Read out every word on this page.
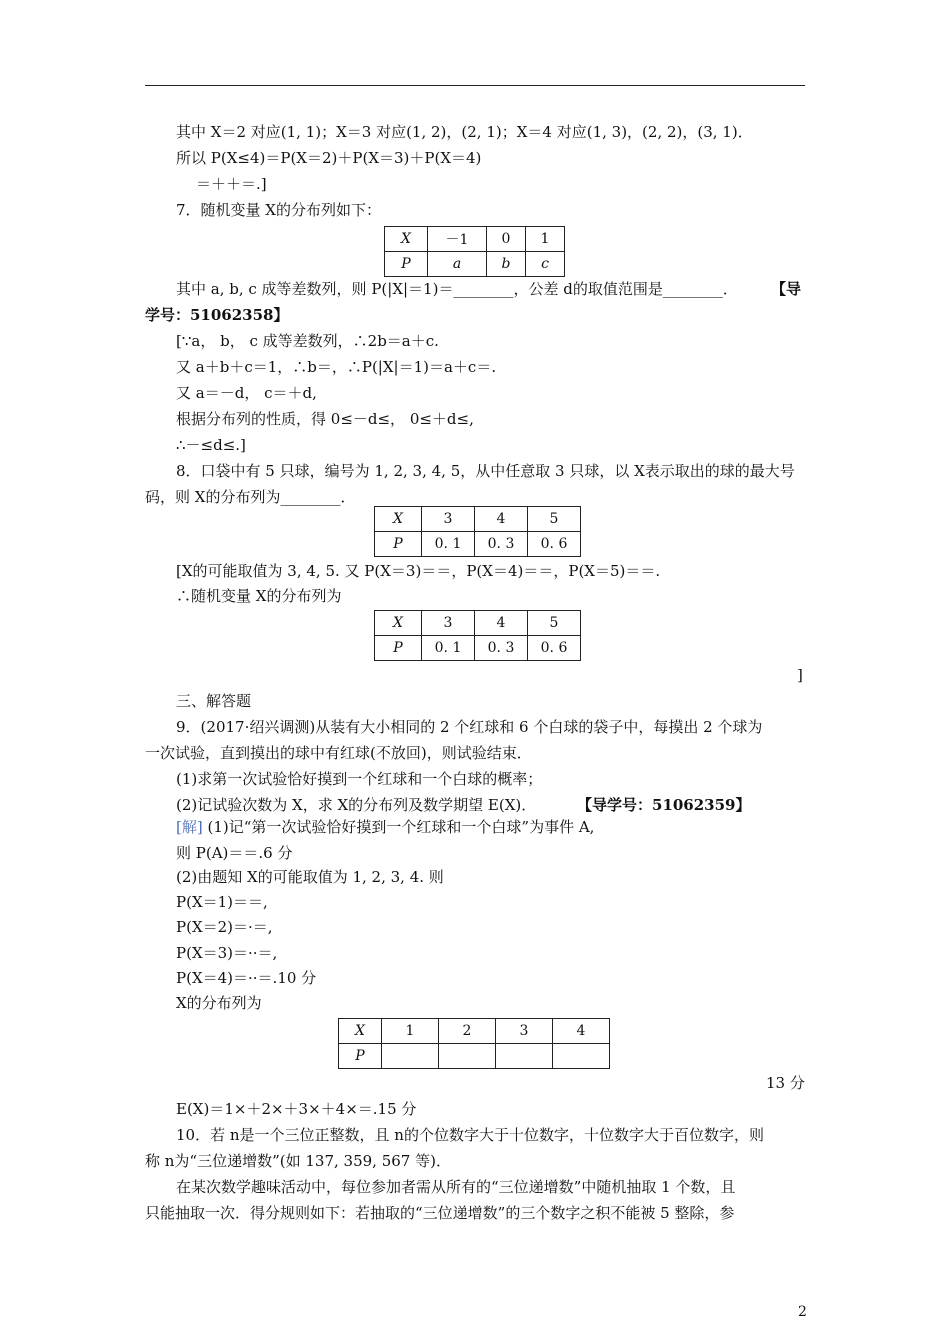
其中 X＝2 对应(1, 1)；X＝3 对应(1, 2)，(2, 1)；X＝4 对应(1, 3)，(2, 2)，(3, 1)．
所以 P(X≤4)＝P(X＝2)＋P(X＝3)＋P(X＝4)
＝＋＋＝.]
7．随机变量 X的分布列如下：
X	－1	0	1
P	a	b	c
其中 a, b, c 成等差数列，则 P(|X|＝1)＝________，公差 d的取值范围是________． 【导
学号：51062358】
[∵a， b， c 成等差数列，∴2b＝a＋c.
又 a＋b＋c＝1，∴b＝，∴P(|X|＝1)＝a＋c＝.
又 a＝－d， c＝＋d,
根据分布列的性质，得 0≤－d≤， 0≤＋d≤,
∴－≤d≤.]
8．口袋中有 5 只球，编号为 1, 2, 3, 4, 5，从中任意取 3 只球，以 X表示取出的球的最大号
码，则 X的分布列为________．
X	3	4	5
P	0. 1	0. 3	0. 6
[X的可能取值为 3, 4, 5. 又 P(X＝3)＝＝，P(X＝4)＝＝，P(X＝5)＝＝.
∴随机变量 X的分布列为
X	3	4	5
P	0. 1	0. 3	0. 6
]
三、解答题
9．(2017·绍兴调测)从装有大小相同的 2 个红球和 6 个白球的袋子中，每摸出 2 个球为
一次试验，直到摸出的球中有红球(不放回)，则试验结束．
(1)求第一次试验恰好摸到一个红球和一个白球的概率；
(2)记试验次数为 X，求 X的分布列及数学期望 E(X)．	【导学号：51062359】
[解] (1)记“第一次试验恰好摸到一个红球和一个白球”为事件 A,
则 P(A)＝＝.6 分
(2)由题知 X的可能取值为 1, 2, 3, 4. 则
P(X＝1)＝＝,
P(X＝2)＝·＝,
P(X＝3)＝··＝,
P(X＝4)＝··＝.10 分
X的分布列为
X	1	2	3	4
P				
13 分
E(X)＝1×＋2×＋3×＋4×＝.15 分
10．若 n是一个三位正整数，且 n的个位数字大于十位数字，十位数字大于百位数字，则
称 n为“三位递增数”(如 137, 359, 567 等)．
在某次数学趣味活动中，每位参加者需从所有的“三位递增数”中随机抽取 1 个数，且
只能抽取一次．得分规则如下：若抽取的“三位递增数”的三个数字之积不能被 5 整除，参
2
